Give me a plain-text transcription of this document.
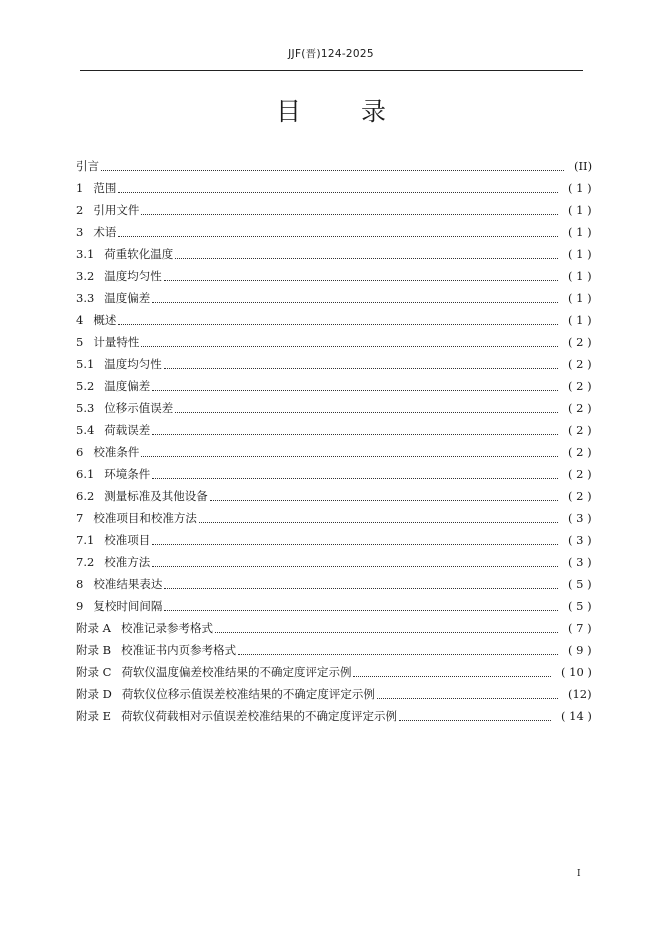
JJF(晋)124-2025
目 录
引言	(II)
1 范围	( 1 )
2 引用文件	( 1 )
3 术语	( 1 )
3.1 荷重软化温度	( 1 )
3.2 温度均匀性	( 1 )
3.3 温度偏差	( 1 )
4 概述	( 1 )
5 计量特性	( 2 )
5.1 温度均匀性	( 2 )
5.2 温度偏差	( 2 )
5.3 位移示值误差	( 2 )
5.4 荷载误差	( 2 )
6 校准条件	( 2 )
6.1 环境条件	( 2 )
6.2 测量标准及其他设备	( 2 )
7 校准项目和校准方法	( 3 )
7.1 校准项目	( 3 )
7.2 校准方法	( 3 )
8 校准结果表达	( 5 )
9 复校时间间隔	( 5 )
附录 A 校准记录参考格式	( 7 )
附录 B 校准证书内页参考格式	( 9 )
附录 C 荷软仪温度偏差校准结果的不确定度评定示例	( 10 )
附录 D 荷软仪位移示值误差校准结果的不确定度评定示例	(12)
附录 E 荷软仪荷载相对示值误差校准结果的不确定度评定示例	( 14 )
I
